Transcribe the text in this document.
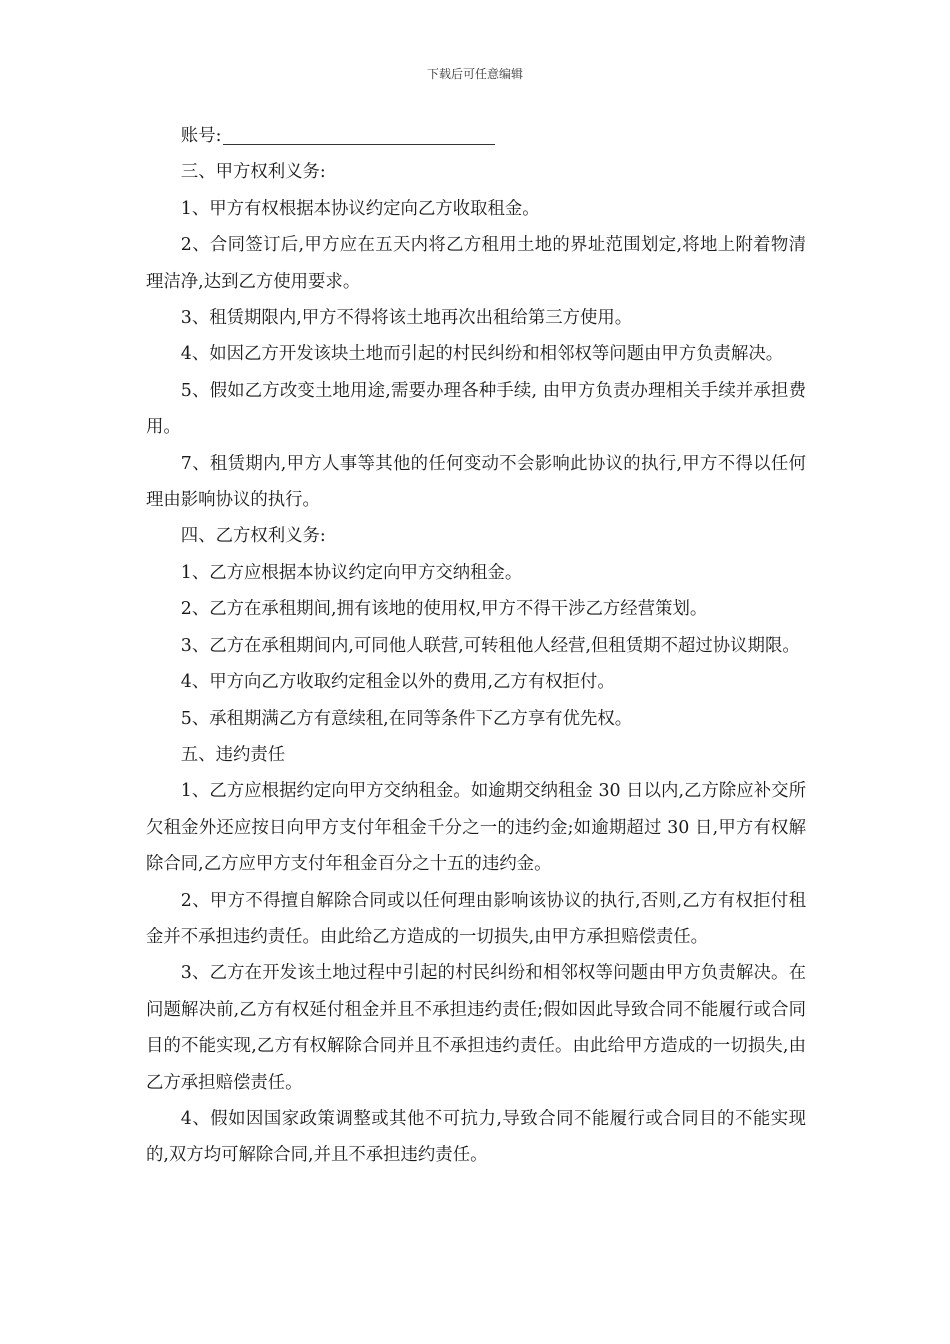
下载后可任意编辑

账号:

三、甲方权利义务:

1、甲方有权根据本协议约定向乙方收取租金。

2、合同签订后,甲方应在五天内将乙方租用土地的界址范围划定,将地上附着物清理洁净,达到乙方使用要求。

3、租赁期限内,甲方不得将该土地再次出租给第三方使用。

4、如因乙方开发该块土地而引起的村民纠纷和相邻权等问题由甲方负责解决。

5、假如乙方改变土地用途,需要办理各种手续, 由甲方负责办理相关手续并承担费用。

7、租赁期内,甲方人事等其他的任何变动不会影响此协议的执行,甲方不得以任何理由影响协议的执行。

四、乙方权利义务:

1、乙方应根据本协议约定向甲方交纳租金。

2、乙方在承租期间,拥有该地的使用权,甲方不得干涉乙方经营策划。

3、乙方在承租期间内,可同他人联营,可转租他人经营,但租赁期不超过协议期限。

4、甲方向乙方收取约定租金以外的费用,乙方有权拒付。

5、承租期满乙方有意续租,在同等条件下乙方享有优先权。

五、违约责任

1、乙方应根据约定向甲方交纳租金。如逾期交纳租金 30 日以内,乙方除应补交所欠租金外还应按日向甲方支付年租金千分之一的违约金;如逾期超过 30 日,甲方有权解除合同,乙方应甲方支付年租金百分之十五的违约金。

2、甲方不得擅自解除合同或以任何理由影响该协议的执行,否则,乙方有权拒付租金并不承担违约责任。由此给乙方造成的一切损失,由甲方承担赔偿责任。

3、乙方在开发该土地过程中引起的村民纠纷和相邻权等问题由甲方负责解决。在问题解决前,乙方有权延付租金并且不承担违约责任;假如因此导致合同不能履行或合同目的不能实现,乙方有权解除合同并且不承担违约责任。由此给甲方造成的一切损失,由乙方承担赔偿责任。

4、假如因国家政策调整或其他不可抗力,导致合同不能履行或合同目的不能实现的,双方均可解除合同,并且不承担违约责任。
